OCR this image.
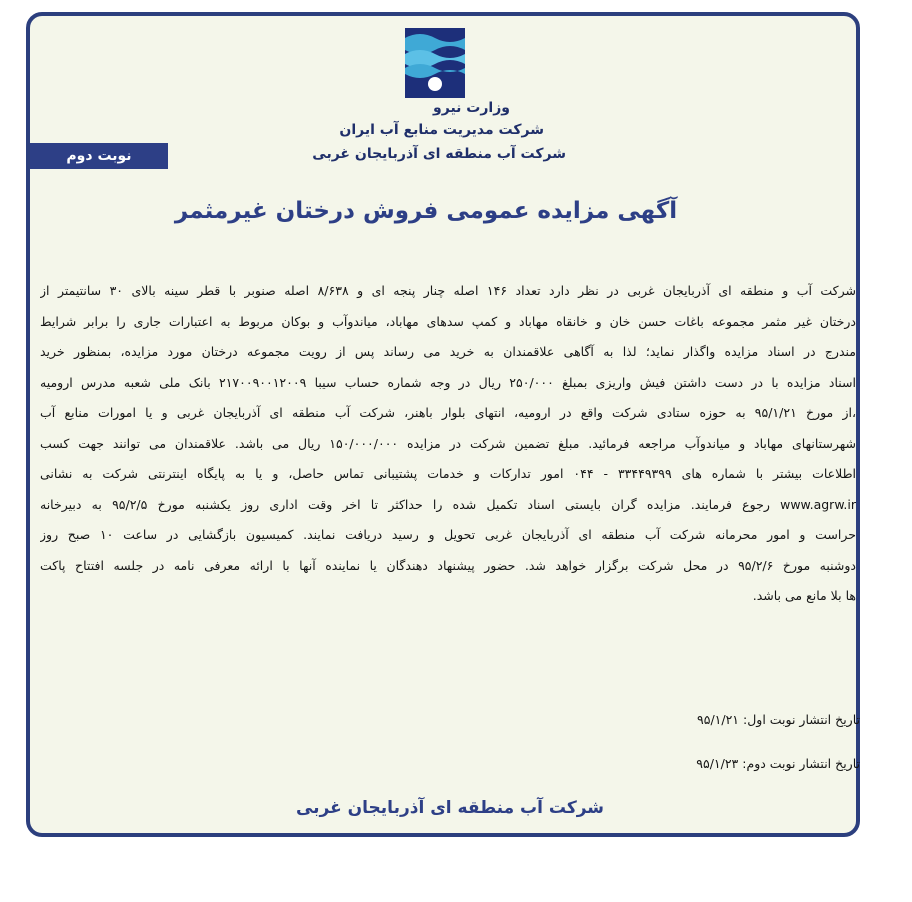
وزارت نیرو
شرکت مدیریت منابع آب ایران
شرکت آب منطقه ای آذربایجان غربی
نوبت دوم
آگهی مزایده عمومی فروش درختان غیرمثمر
شرکت آب و منطقه ای آذربایجان غربی در نظر دارد تعداد ۱۴۶ اصله چنار پنجه ای و ۸/۶۳۸ اصله صنوبر با قطر سینه بالای ۳۰ سانتیمتر از
درختان غیر مثمر مجموعه باغات حسن خان و خانقاه مهاباد و کمپ سدهای مهاباد، میاندوآب و بوکان مربوط به اعتبارات جاری را برابر شرایط
مندرج در اسناد مزایده واگذار نماید؛ لذا به آگاهی علاقمندان به خرید می رساند پس از رویت مجموعه درختان مورد مزایده، بمنظور خرید
اسناد مزایده با در دست داشتن فیش واریزی بمبلغ ۲۵۰/۰۰۰ ریال در وجه شماره حساب سیبا ۲۱۷۰۰۹۰۰۱۲۰۰۹ بانک ملی شعبه مدرس ارومیه
،از مورخ ۹۵/۱/۲۱ به حوزه ستادی شرکت واقع در ارومیه، انتهای بلوار باهنر، شرکت آب منطقه ای آذربایجان غربی و یا امورات منابع آب
شهرستانهای مهاباد و میاندوآب مراجعه فرمائید. مبلغ تضمین شرکت در مزایده ۱۵۰/۰۰۰/۰۰۰ ریال می باشد. علاقمندان می توانند جهت کسب
اطلاعات بیشتر با شماره های ۳۳۴۴۹۳۹۹ - ۰۴۴ امور تدارکات و خدمات پشتیبانی تماس حاصل، و یا به پایگاه اینترنتی شرکت به نشانی
www.agrw.ir رجوع فرمایند. مزایده گران بایستی اسناد تکمیل شده را حداکثر تا اخر وقت اداری روز یکشنبه مورخ ۹۵/۲/۵ به دبیرخانه
حراست و امور محرمانه شرکت آب منطقه ای آذربایجان غربی تحویل و رسید دریافت نمایند. کمیسیون بازگشایی در ساعت ۱۰ صبح روز
دوشنبه مورخ ۹۵/۲/۶ در محل شرکت برگزار خواهد شد. حضور پیشنهاد دهندگان یا نماینده آنها با ارائه معرفی نامه در جلسه افتتاح پاکت
ها بلا مانع می باشد.
تاریخ انتشار نوبت اول: ۹۵/۱/۲۱
تاریخ انتشار نوبت دوم: ۹۵/۱/۲۳
شرکت آب منطقه ای آذربایجان غربی
